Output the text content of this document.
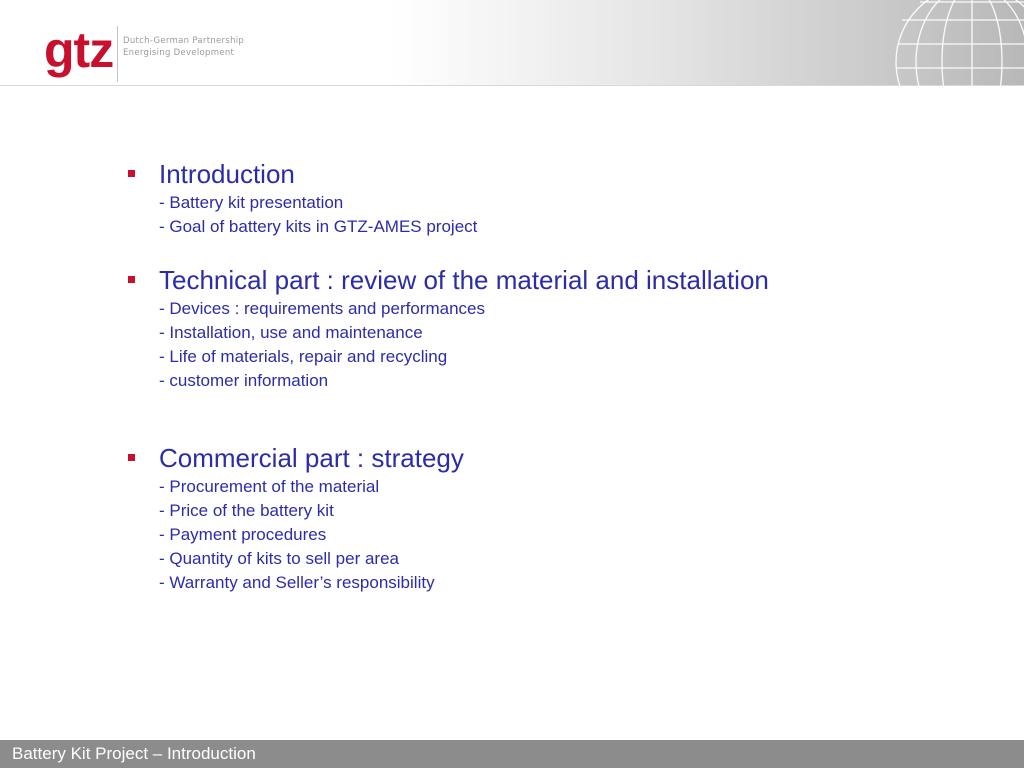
gtz Dutch-German Partnership
Energising Development
Introduction
- Battery kit presentation
- Goal of battery kits in GTZ-AMES project
Technical part : review of the material and installation
- Devices : requirements and performances
- Installation, use and maintenance
- Life of materials, repair and recycling
- customer information
Commercial part : strategy
- Procurement of the material
- Price of the battery kit
- Payment procedures
- Quantity of kits to sell per area
- Warranty and Seller’s responsibility
Battery Kit Project – Introduction
